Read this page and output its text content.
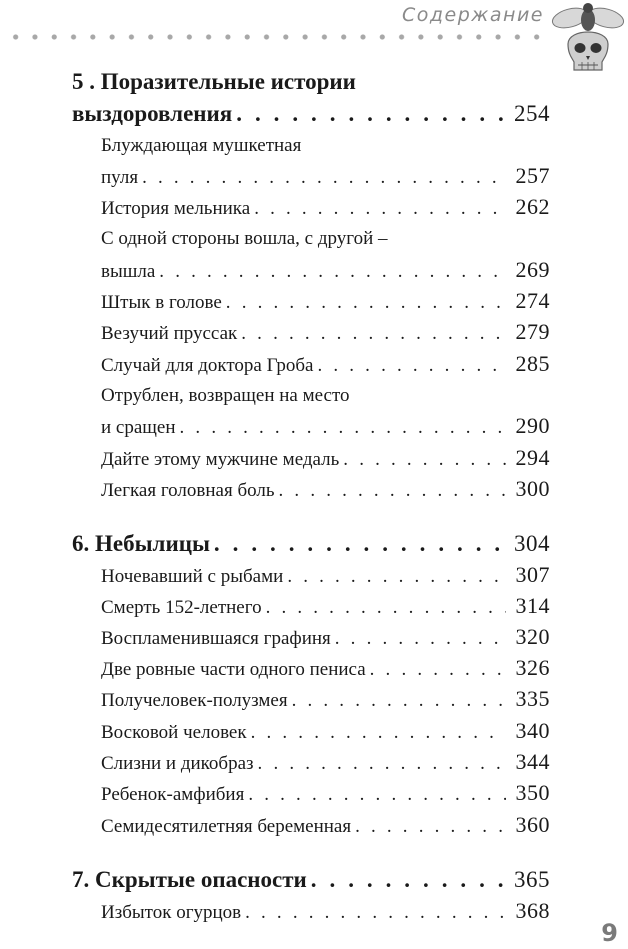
Содержание
5 . Поразительные истории
выздоровления . . .	254
Блуждающая мушкетная
пуля . . .	257
История мельника . . .	262
С одной стороны вошла, с другой –
вышла . . .	269
Штык в голове . . .	274
Везучий пруссак . . .	279
Случай для доктора Гроба . . .	285
Отрублен, возвращен на место
и сращен . . .	290
Дайте этому мужчине медаль . . .	294
Легкая головная боль . . .	300
6. Небылицы . . .	304
Ночевавший с рыбами . . .	307
Смерть 152-летнего . . .	314
Воспламенившаяся графиня . . .	320
Две ровные части одного пениса . . .	326
Получеловек-полузмея . . .	335
Восковой человек . . .	340
Слизни и дикобраз . . .	344
Ребенок-амфибия . . .	350
Семидесятилетняя беременная . . .	360
7. Скрытые опасности . . .	365
Избыток огурцов . . .	368
9
